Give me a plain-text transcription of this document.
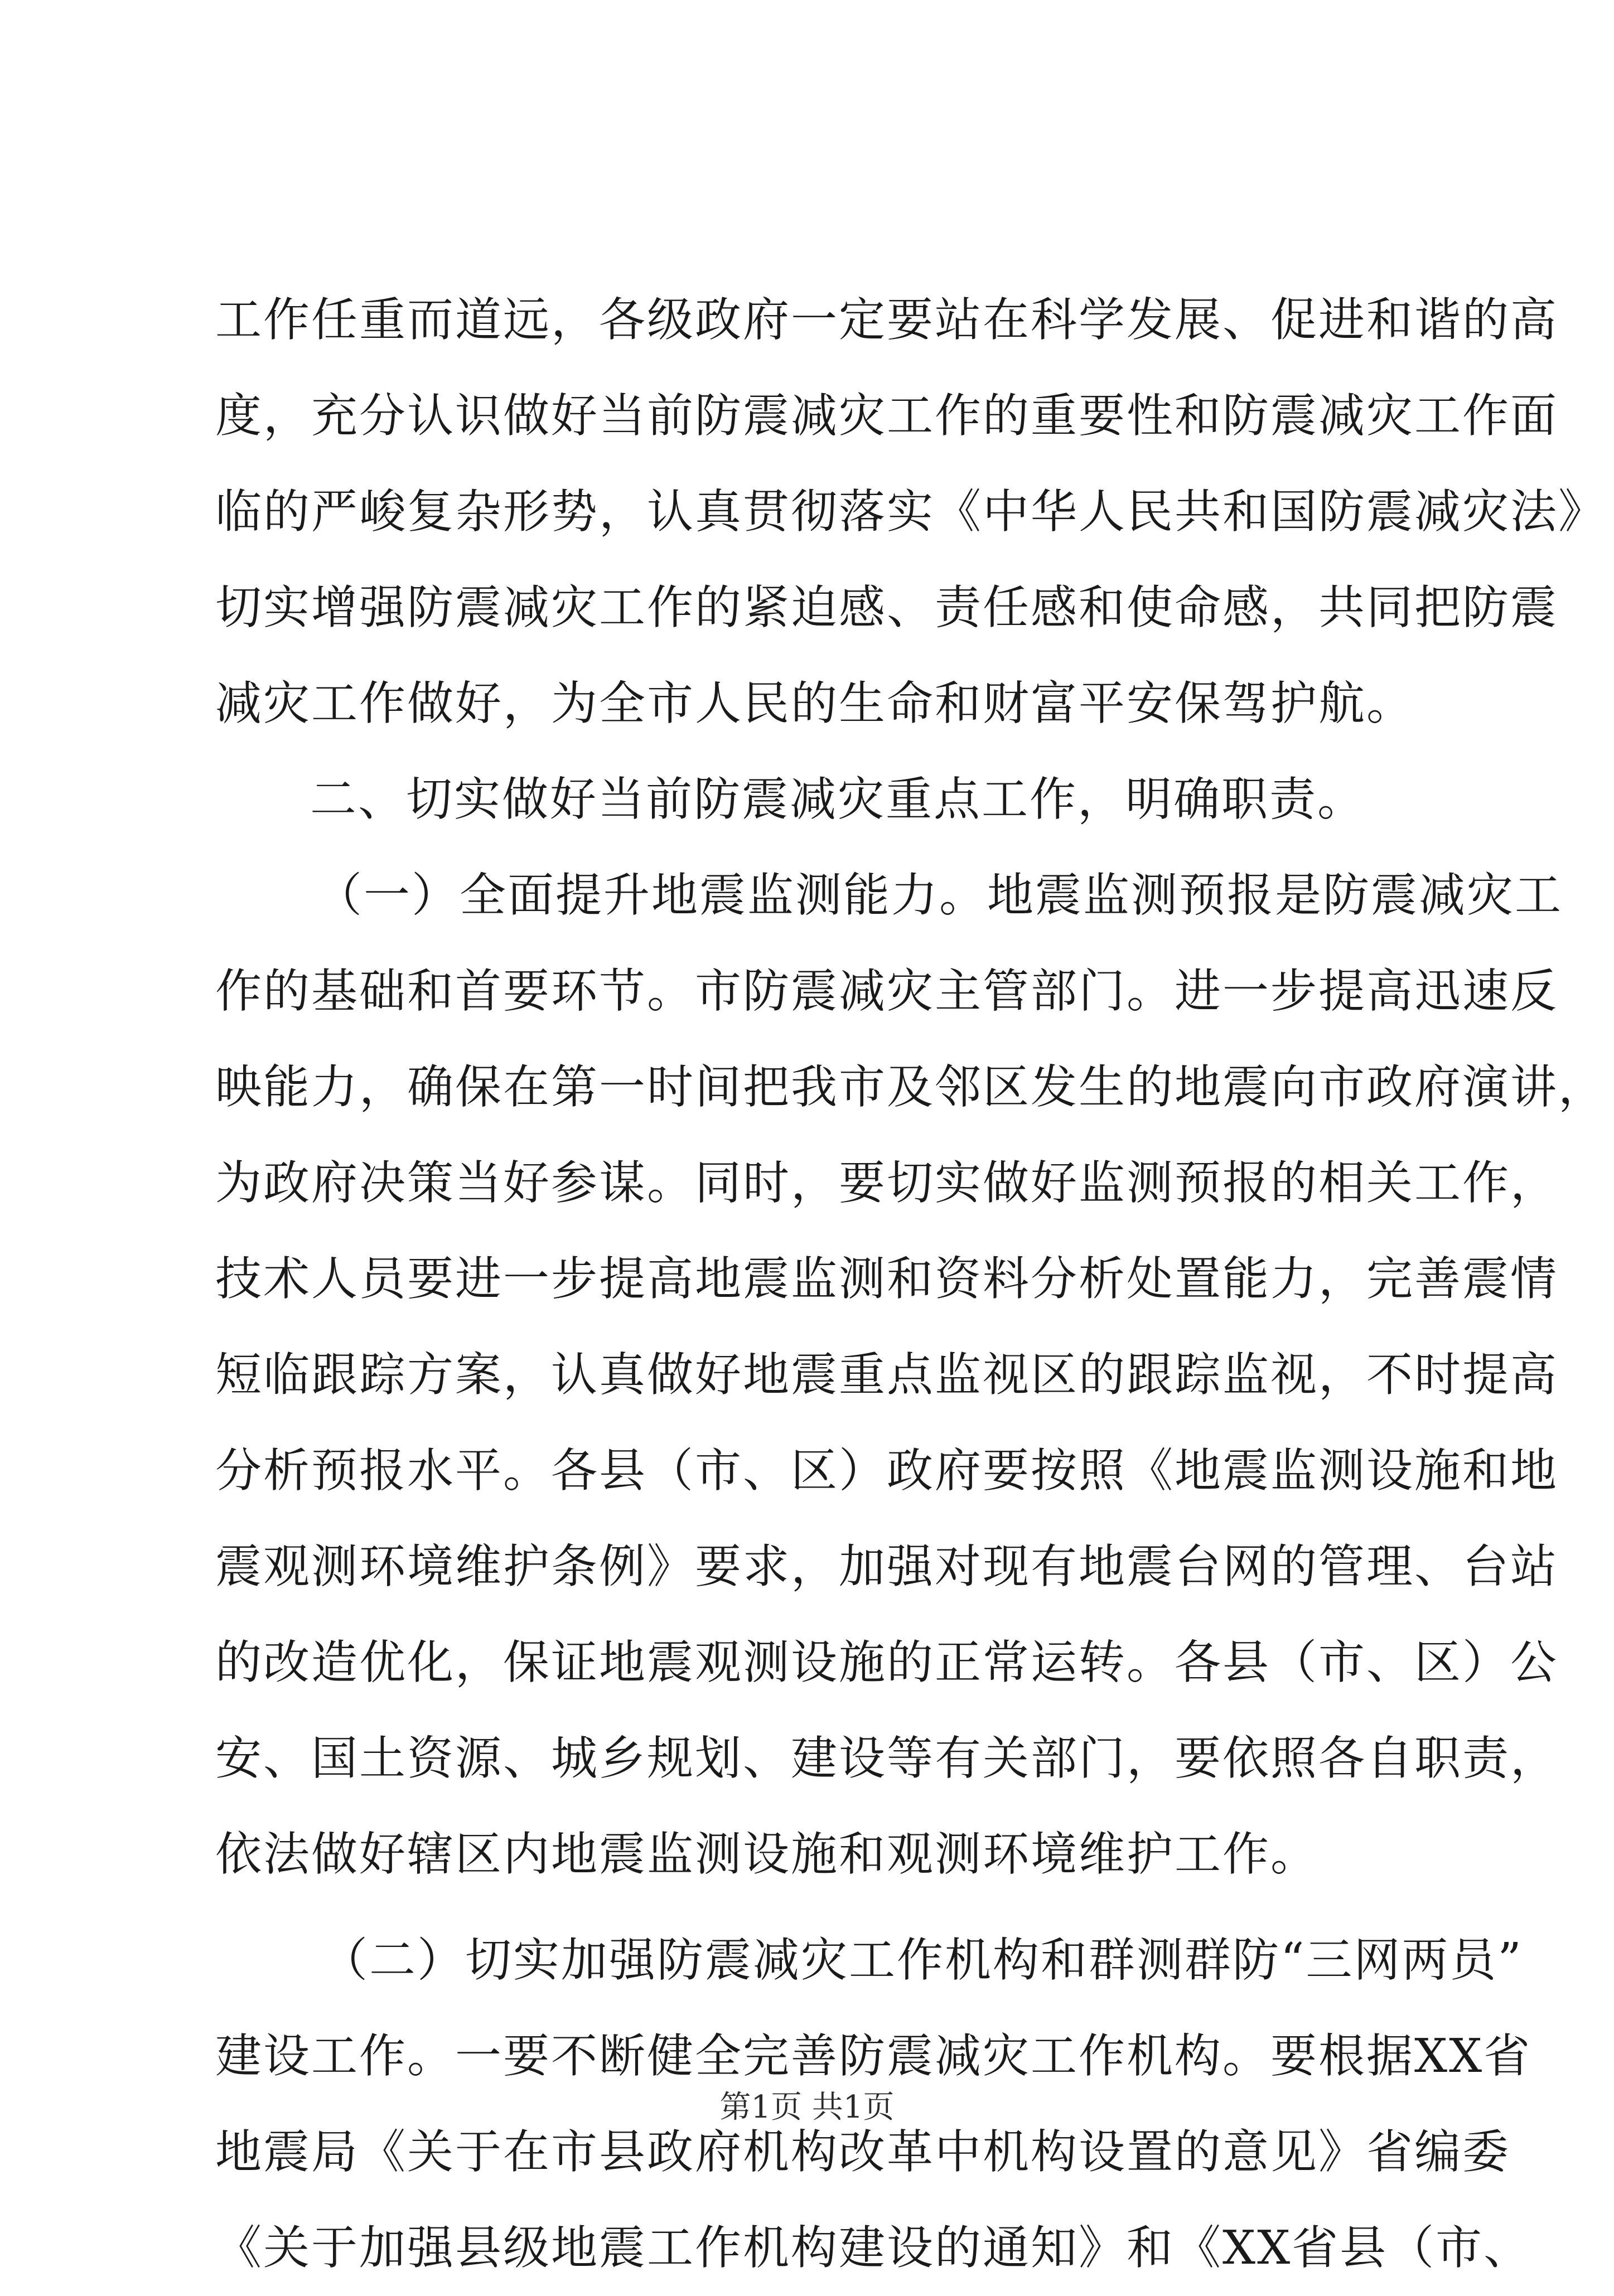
工作任重而道远，各级政府一定要站在科学发展、促进和谐的高
度，充分认识做好当前防震减灾工作的重要性和防震减灾工作面
临的严峻复杂形势，认真贯彻落实《中华人民共和国防震减灾法》
切实增强防震减灾工作的紧迫感、责任感和使命感，共同把防震
减灾工作做好，为全市人民的生命和财富平安保驾护航。
二、切实做好当前防震减灾重点工作，明确职责。
（一）全面提升地震监测能力。地震监测预报是防震减灾工
作的基础和首要环节。市防震减灾主管部门。进一步提高迅速反
映能力，确保在第一时间把我市及邻区发生的地震向市政府演讲，
为政府决策当好参谋。同时，要切实做好监测预报的相关工作，
技术人员要进一步提高地震监测和资料分析处置能力，完善震情
短临跟踪方案，认真做好地震重点监视区的跟踪监视，不时提高
分析预报水平。各县（市、区）政府要按照《地震监测设施和地
震观测环境维护条例》要求，加强对现有地震台网的管理、台站
的改造优化，保证地震观测设施的正常运转。各县（市、区）公
安、国土资源、城乡规划、建设等有关部门，要依照各自职责，
依法做好辖区内地震监测设施和观测环境维护工作。
（二）切实加强防震减灾工作机构和群测群防“三网两员”
建设工作。一要不断健全完善防震减灾工作机构。要根据XX省
地震局《关于在市县政府机构改革中机构设置的意见》省编委
《关于加强县级地震工作机构建设的通知》和《XX省县（市、
第1页 共1页
